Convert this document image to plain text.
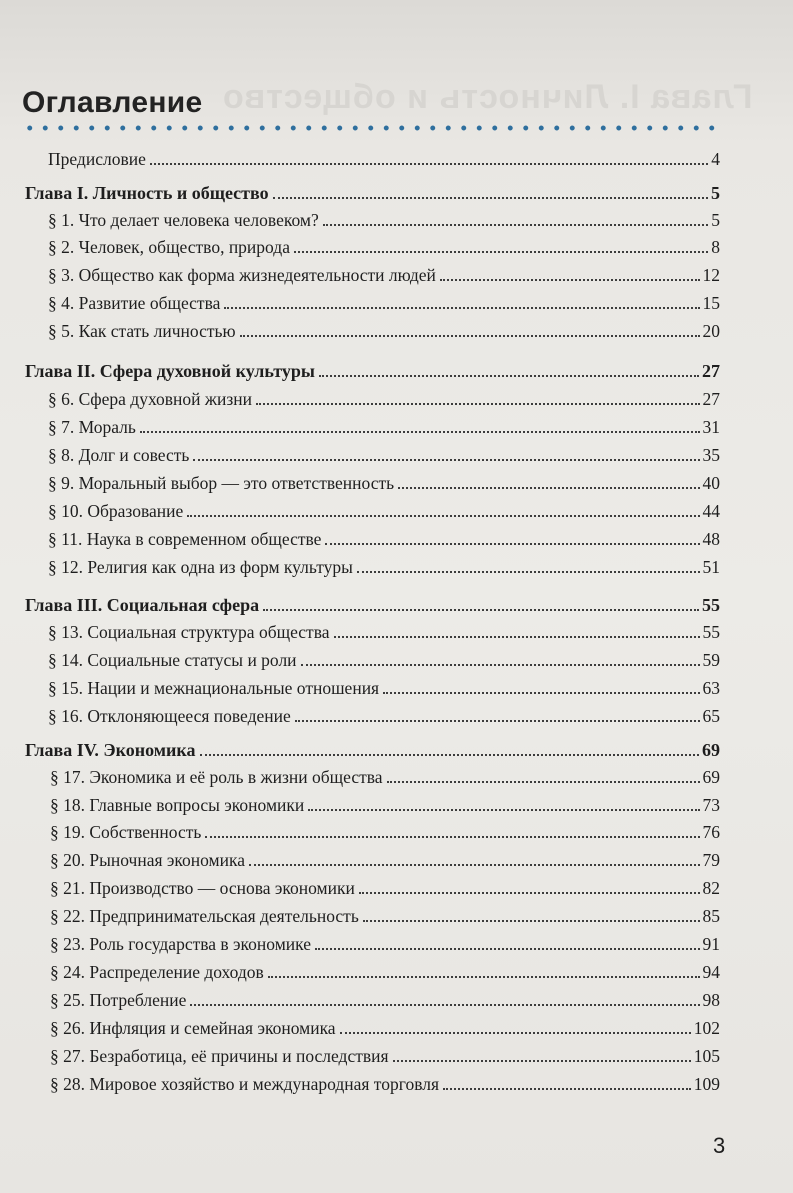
Глава I. Личность и общество
Оглавление
Предисловие	4
Глава I. Личность и общество	5
§ 1. Что делает человека человеком?	5
§ 2. Человек, общество, природа	8
§ 3. Общество как форма жизнедеятельности людей	12
§ 4. Развитие общества	15
§ 5. Как стать личностью	20
Глава II. Сфера духовной культуры	27
§ 6. Сфера духовной жизни	27
§ 7. Мораль	31
§ 8. Долг и совесть	35
§ 9. Моральный выбор — это ответственность	40
§ 10. Образование	44
§ 11. Наука в современном обществе	48
§ 12. Религия как одна из форм культуры	51
Глава III. Социальная сфера	55
§ 13. Социальная структура общества	55
§ 14. Социальные статусы и роли	59
§ 15. Нации и межнациональные отношения	63
§ 16. Отклоняющееся поведение	65
Глава IV. Экономика	69
§ 17. Экономика и её роль в жизни общества	69
§ 18. Главные вопросы экономики	73
§ 19. Собственность	76
§ 20. Рыночная экономика	79
§ 21. Производство — основа экономики	82
§ 22. Предпринимательская деятельность	85
§ 23. Роль государства в экономике	91
§ 24. Распределение доходов	94
§ 25. Потребление	98
§ 26. Инфляция и семейная экономика	102
§ 27. Безработица, её причины и последствия	105
§ 28. Мировое хозяйство и международная торговля	109
3
